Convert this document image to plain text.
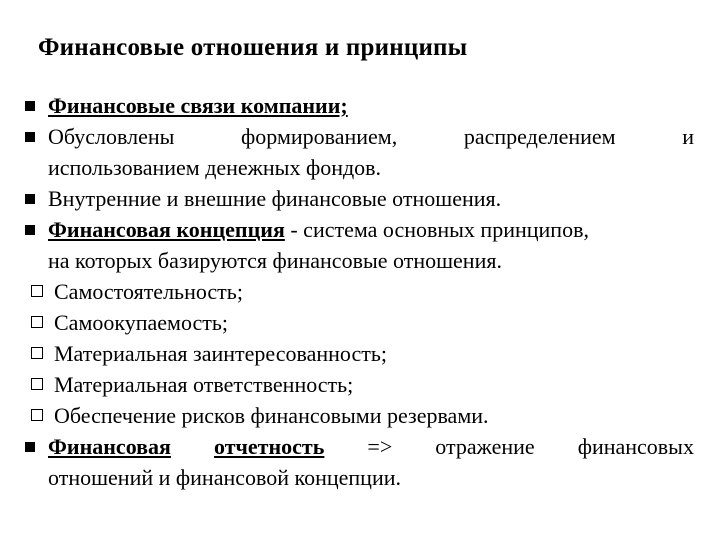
Финансовые отношения и принципы
Финансовые связи компании;
Обусловлены	формированием,	распределением	и
использованием денежных фондов.
Внутренние и внешние финансовые отношения.
Финансовая концепция - система основных принципов,
на которых базируются финансовые отношения.
Самостоятельность;
Самоокупаемость;
Материальная заинтересованность;
Материальная ответственность;
Обеспечение рисков финансовыми резервами.
Финансовая отчетность => отражение финансовых
отношений и финансовой концепции.
